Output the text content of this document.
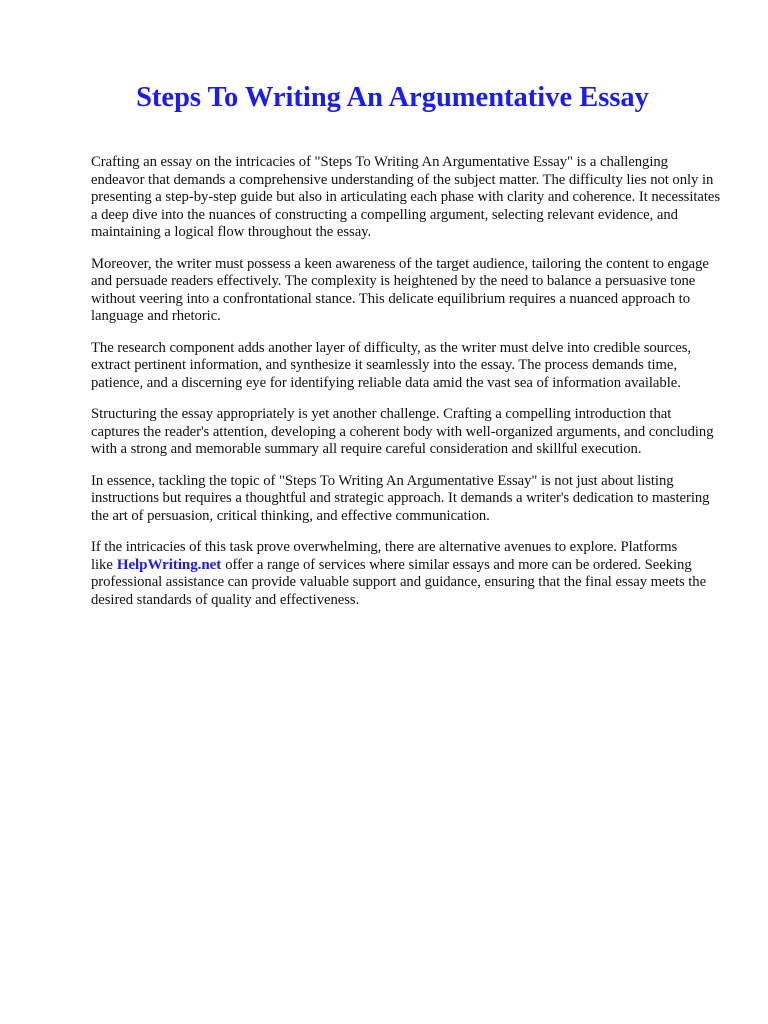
Steps To Writing An Argumentative Essay

Crafting an essay on the intricacies of "Steps To Writing An Argumentative Essay" is a challenging endeavor that demands a comprehensive understanding of the subject matter. The difficulty lies not only in presenting a step-by-step guide but also in articulating each phase with clarity and coherence. It necessitates a deep dive into the nuances of constructing a compelling argument, selecting relevant evidence, and maintaining a logical flow throughout the essay.

Moreover, the writer must possess a keen awareness of the target audience, tailoring the content to engage and persuade readers effectively. The complexity is heightened by the need to balance a persuasive tone without veering into a confrontational stance. This delicate equilibrium requires a nuanced approach to language and rhetoric.

The research component adds another layer of difficulty, as the writer must delve into credible sources, extract pertinent information, and synthesize it seamlessly into the essay. The process demands time, patience, and a discerning eye for identifying reliable data amid the vast sea of information available.

Structuring the essay appropriately is yet another challenge. Crafting a compelling introduction that captures the reader's attention, developing a coherent body with well-organized arguments, and concluding with a strong and memorable summary all require careful consideration and skillful execution.

In essence, tackling the topic of "Steps To Writing An Argumentative Essay" is not just about listing instructions but requires a thoughtful and strategic approach. It demands a writer's dedication to mastering the art of persuasion, critical thinking, and effective communication.

If the intricacies of this task prove overwhelming, there are alternative avenues to explore. Platforms like HelpWriting.net offer a range of services where similar essays and more can be ordered. Seeking professional assistance can provide valuable support and guidance, ensuring that the final essay meets the desired standards of quality and effectiveness.
